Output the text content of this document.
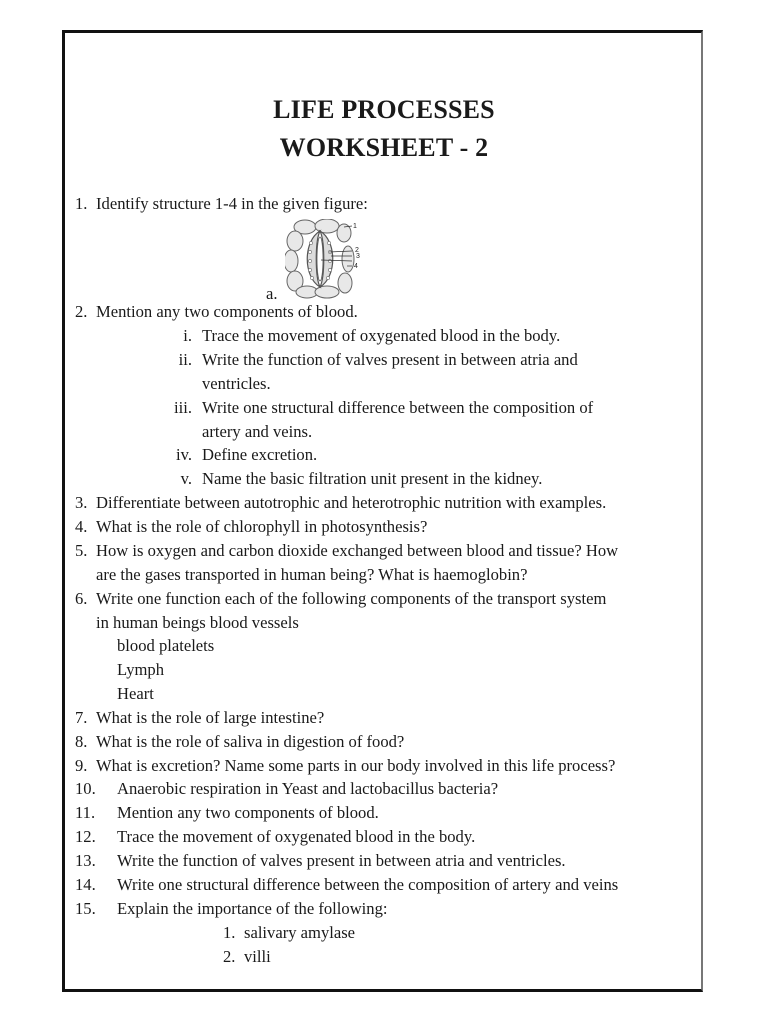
LIFE PROCESSES
WORKSHEET - 2
1. Identify structure 1-4 in the given figure:
1
2
3
4
a.
2. Mention any two components of blood.
i. Trace the movement of oxygenated blood in the body.
ii. Write the function of valves present in between atria and
ventricles.
iii. Write one structural difference between the composition of
artery and veins.
iv. Define excretion.
v. Name the basic filtration unit present in the kidney.
3. Differentiate between autotrophic and heterotrophic nutrition with examples.
4. What is the role of chlorophyll in photosynthesis?
5. How is oxygen and carbon dioxide exchanged between blood and tissue? How
are the gases transported in human being? What is haemoglobin?
6. Write one function each of the following components of the transport system
in human beings blood vessels
blood platelets
Lymph
Heart
7. What is the role of large intestine?
8. What is the role of saliva in digestion of food?
9. What is excretion? Name some parts in our body involved in this life process?
10. Anaerobic respiration in Yeast and lactobacillus bacteria?
11. Mention any two components of blood.
12. Trace the movement of oxygenated blood in the body.
13. Write the function of valves present in between atria and ventricles.
14. Write one structural difference between the composition of artery and veins
15. Explain the importance of the following:
1. salivary amylase
2. villi
